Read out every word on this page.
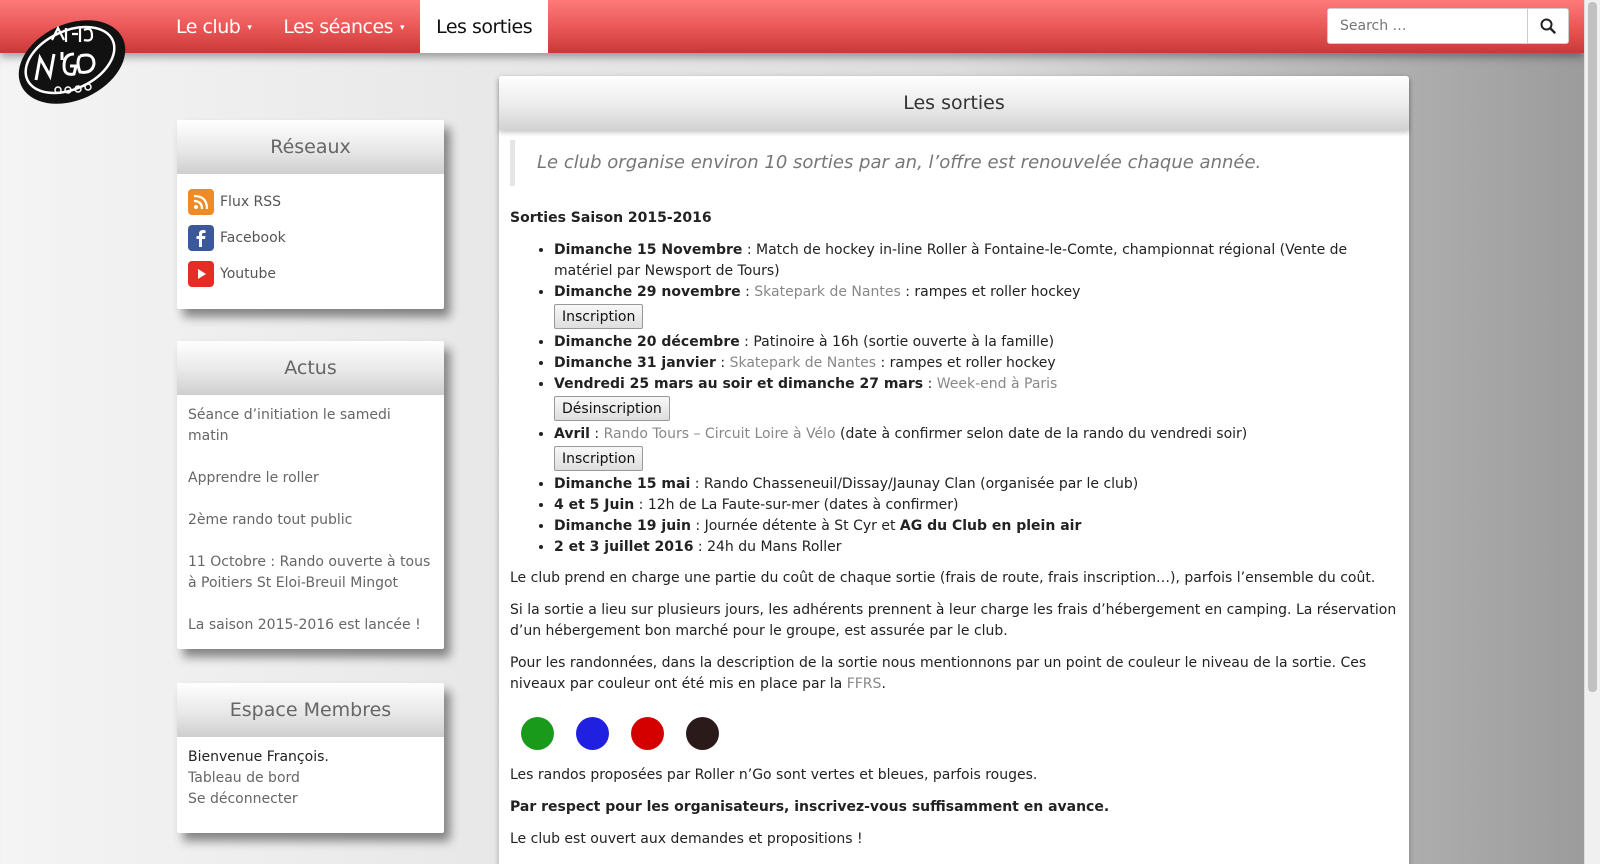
Le club ▾ Les séances ▾ Les sorties
Search …
Réseaux
Flux RSS
Facebook
Youtube
Actus
Séance d’initiation le samedi matin
Apprendre le roller
2ème rando tout public
11 Octobre : Rando ouverte à tous à Poitiers St Eloi-Breuil Mingot
La saison 2015-2016 est lancée !
Espace Membres
Bienvenue François.
Tableau de bord
Se déconnecter
Les sorties
Le club organise environ 10 sorties par an, l’offre est renouvelée chaque année.
Sorties Saison 2015-2016
• Dimanche 15 Novembre : Match de hockey in-line Roller à Fontaine-le-Comte, championnat régional (Vente de matériel par Newsport de Tours)
• Dimanche 29 novembre : Skatepark de Nantes : rampes et roller hockey
Inscription
• Dimanche 20 décembre : Patinoire à 16h (sortie ouverte à la famille)
• Dimanche 31 janvier : Skatepark de Nantes : rampes et roller hockey
• Vendredi 25 mars au soir et dimanche 27 mars : Week-end à Paris
Désinscription
• Avril : Rando Tours – Circuit Loire à Vélo (date à confirmer selon date de la rando du vendredi soir)
Inscription
• Dimanche 15 mai : Rando Chasseneuil/Dissay/Jaunay Clan (organisée par le club)
• 4 et 5 Juin : 12h de La Faute-sur-mer (dates à confirmer)
• Dimanche 19 juin : Journée détente à St Cyr et AG du Club en plein air
• 2 et 3 juillet 2016 : 24h du Mans Roller

Le club prend en charge une partie du coût de chaque sortie (frais de route, frais inscription…), parfois l’ensemble du coût.

Si la sortie a lieu sur plusieurs jours, les adhérents prennent à leur charge les frais d’hébergement en camping. La réservation d’un hébergement bon marché pour le groupe, est assurée par le club.

Pour les randonnées, dans la description de la sortie nous mentionnons par un point de couleur le niveau de la sortie. Ces niveaux par couleur ont été mis en place par la FFRS.

Les randos proposées par Roller n’Go sont vertes et bleues, parfois rouges.

Par respect pour les organisateurs, inscrivez-vous suffisamment en avance.

Le club est ouvert aux demandes et propositions !
